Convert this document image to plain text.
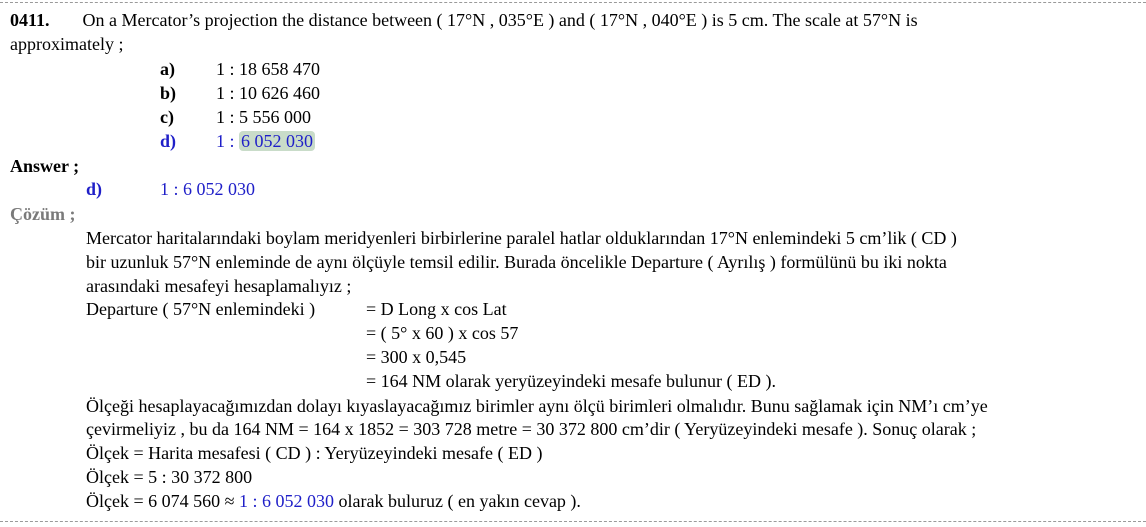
0411. On a Mercator’s projection the distance between ( 17°N , 035°E ) and ( 17°N , 040°E ) is 5 cm. The scale at 57°N is
approximately ;
a) 1 : 18 658 470
b) 1 : 10 626 460
c) 1 : 5 556 000
d) 1 : 6 052 030
Answer ;
d)	1 : 6 052 030
Çözüm ;
Mercator haritalarındaki boylam meridyenleri birbirlerine paralel hatlar olduklarından 17°N enlemindeki 5 cm’lik ( CD )
bir uzunluk 57°N enleminde de aynı ölçüyle temsil edilir. Burada öncelikle Departure ( Ayrılış ) formülünü bu iki nokta
arasındaki mesafeyi hesaplamalıyız ;
Departure ( 57°N enlemindeki )	= D Long x cos Lat
= ( 5° x 60 ) x cos 57
= 300 x 0,545
= 164 NM olarak yeryüzeyindeki mesafe bulunur ( ED ).
Ölçeği hesaplayacağımızdan dolayı kıyaslayacağımız birimler aynı ölçü birimleri olmalıdır. Bunu sağlamak için NM’ı cm’ye
çevirmeliyiz , bu da 164 NM = 164 x 1852 = 303 728 metre = 30 372 800 cm’dir ( Yeryüzeyindeki mesafe ). Sonuç olarak ;
Ölçek = Harita mesafesi ( CD ) : Yeryüzeyindeki mesafe ( ED )
Ölçek = 5 : 30 372 800
Ölçek = 6 074 560 ≈ 1 : 6 052 030 olarak buluruz ( en yakın cevap ).
